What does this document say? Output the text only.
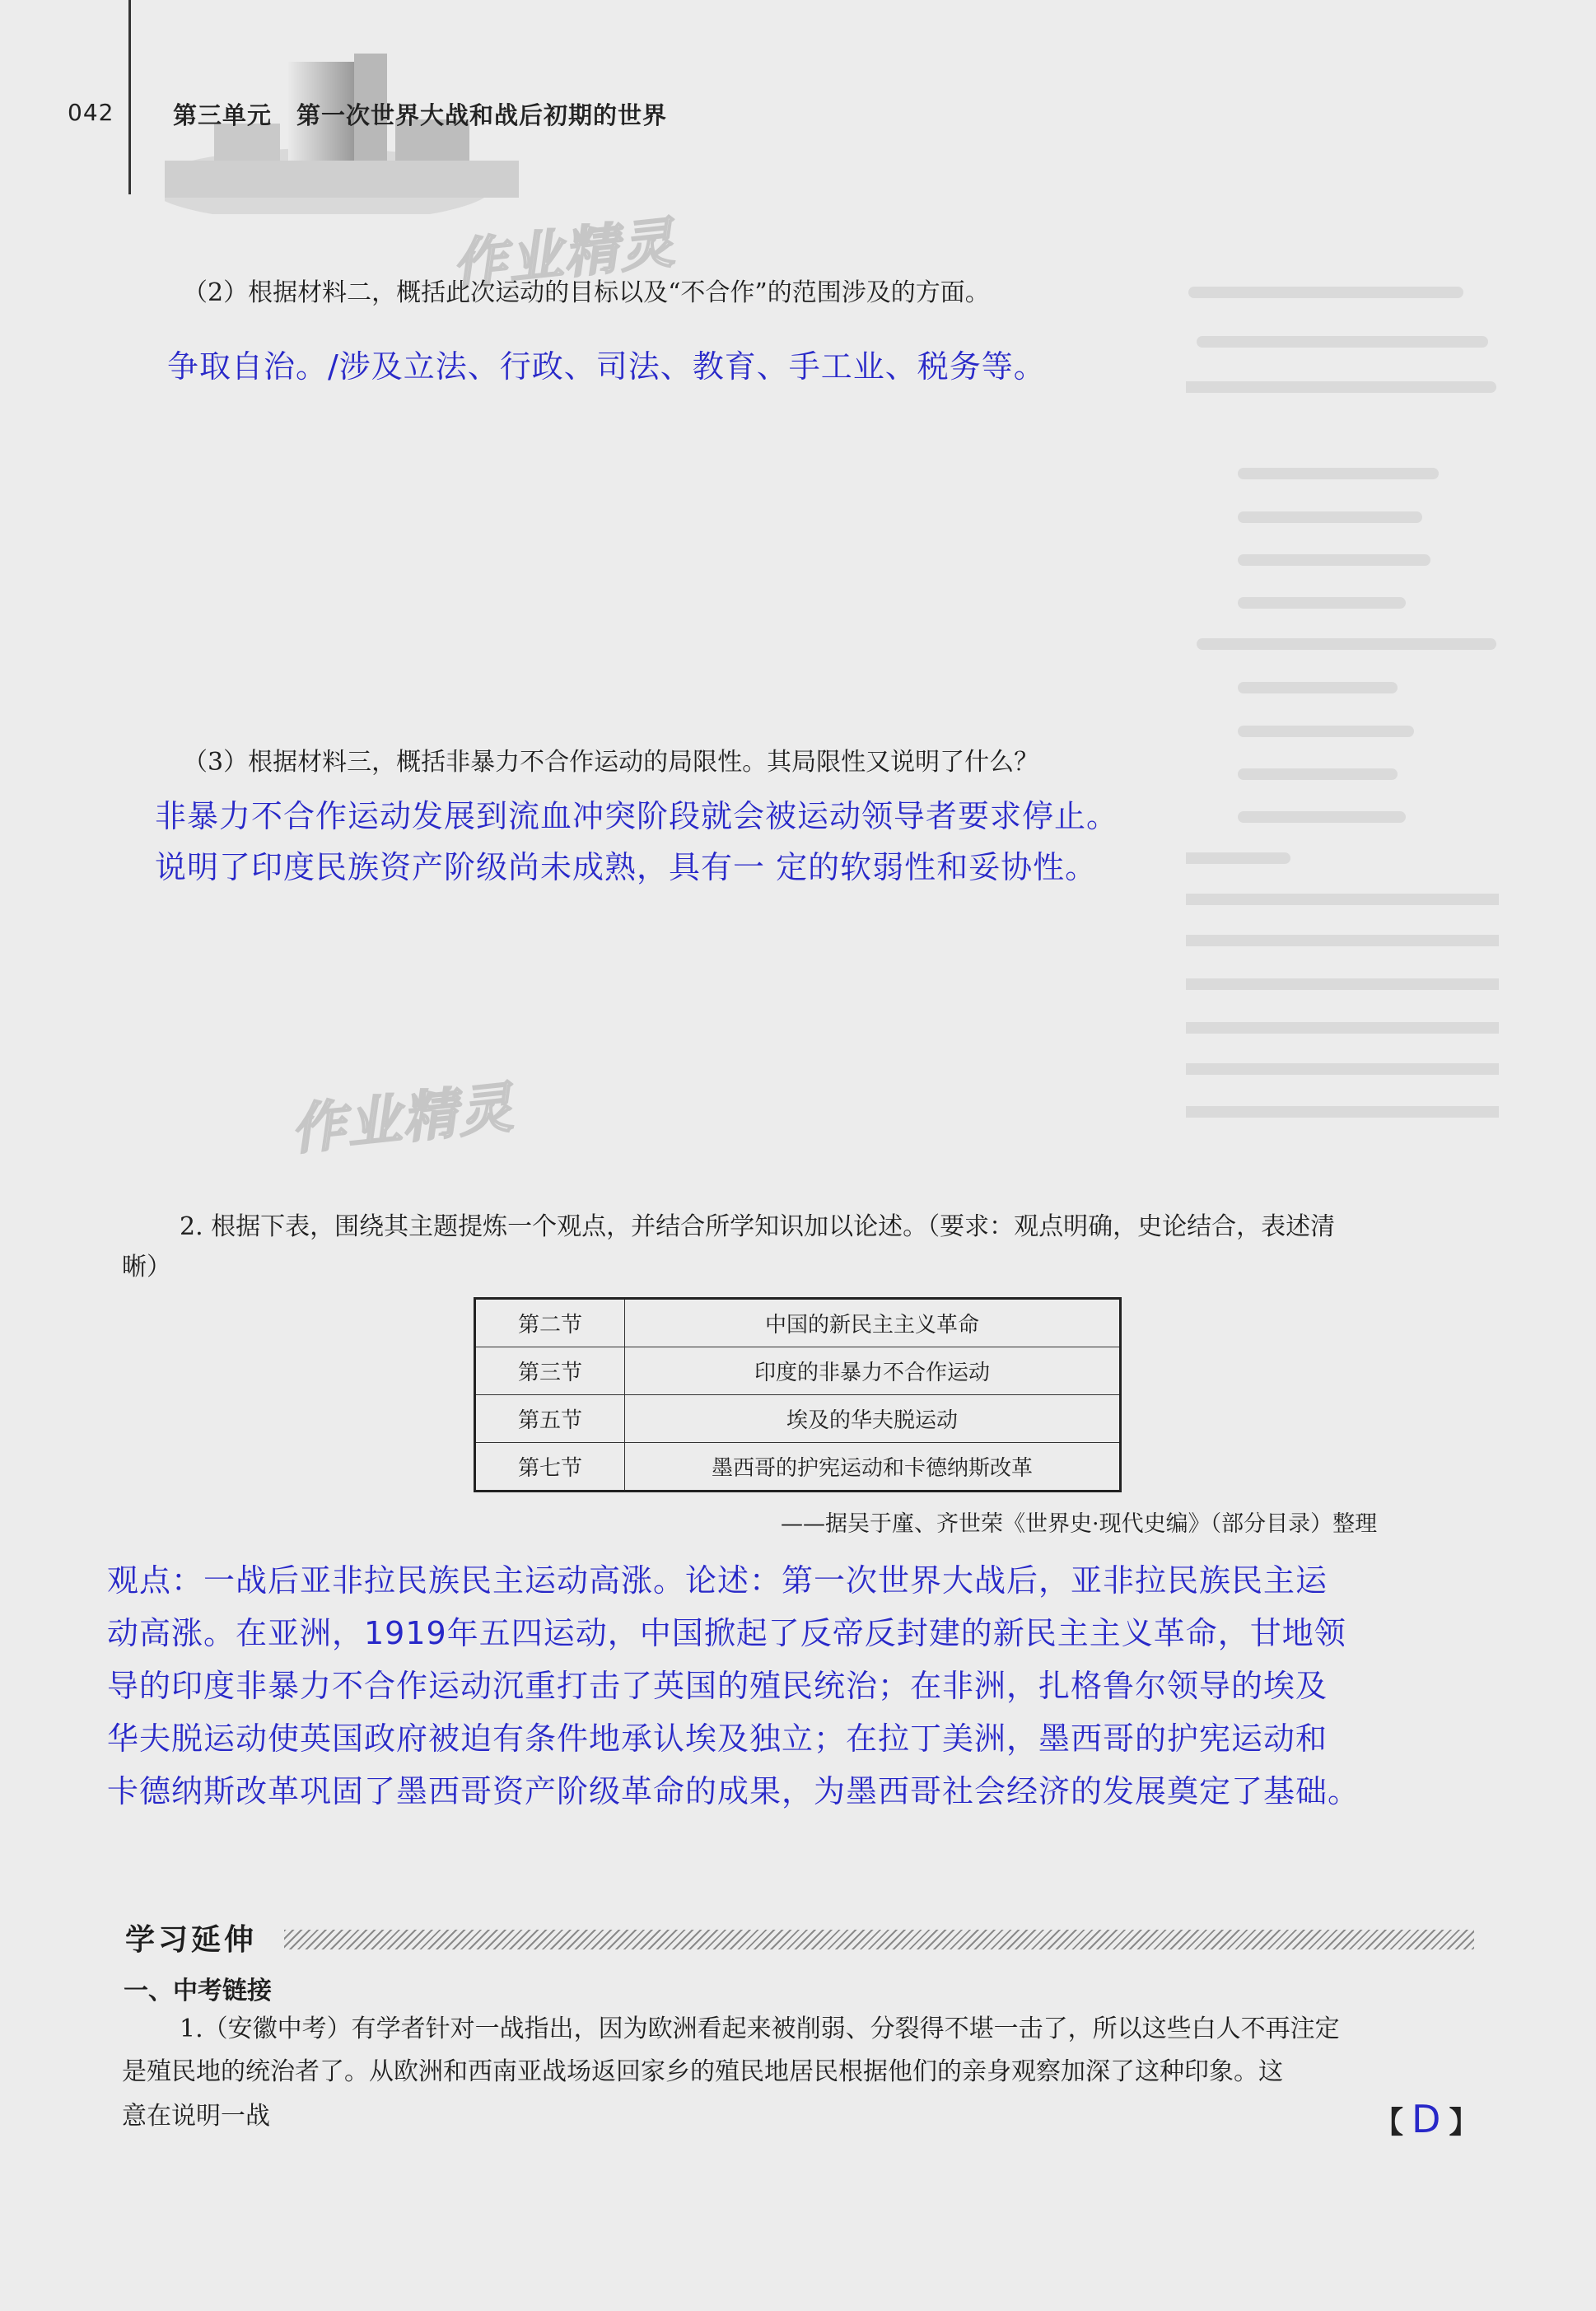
042 第三单元　第一次世界大战和战后初期的世界
作业精灵
作业精灵
（2）根据材料二，概括此次运动的目标以及“不合作”的范围涉及的方面。
争取自治。/涉及立法、行政、司法、教育、手工业、税务等。
（3）根据材料三，概括非暴力不合作运动的局限性。其局限性又说明了什么？
非暴力不合作运动发展到流血冲突阶段就会被运动领导者要求停止。
说明了印度民族资产阶级尚未成熟，具有一 定的软弱性和妥协性。
2. 根据下表，围绕其主题提炼一个观点，并结合所学知识加以论述。（要求：观点明确，史论结合，表述清
晰）
第二节	中国的新民主主义革命
第三节	印度的非暴力不合作运动
第五节	埃及的华夫脱运动
第七节	墨西哥的护宪运动和卡德纳斯改革
——据吴于廑、齐世荣《世界史·现代史编》（部分目录）整理
观点：一战后亚非拉民族民主运动高涨。论述：第一次世界大战后，亚非拉民族民主运
动高涨。在亚洲，1919年五四运动，中国掀起了反帝反封建的新民主主义革命，甘地领
导的印度非暴力不合作运动沉重打击了英国的殖民统治；在非洲，扎格鲁尔领导的埃及
华夫脱运动使英国政府被迫有条件地承认埃及独立；在拉丁美洲，墨西哥的护宪运动和
卡德纳斯改革巩固了墨西哥资产阶级革命的成果，为墨西哥社会经济的发展奠定了基础。
学习延伸
一、中考链接
1.（安徽中考）有学者针对一战指出，因为欧洲看起来被削弱、分裂得不堪一击了，所以这些白人不再注定
是殖民地的统治者了。从欧洲和西南亚战场返回家乡的殖民地居民根据他们的亲身观察加深了这种印象。这
意在说明一战	【 D 】
